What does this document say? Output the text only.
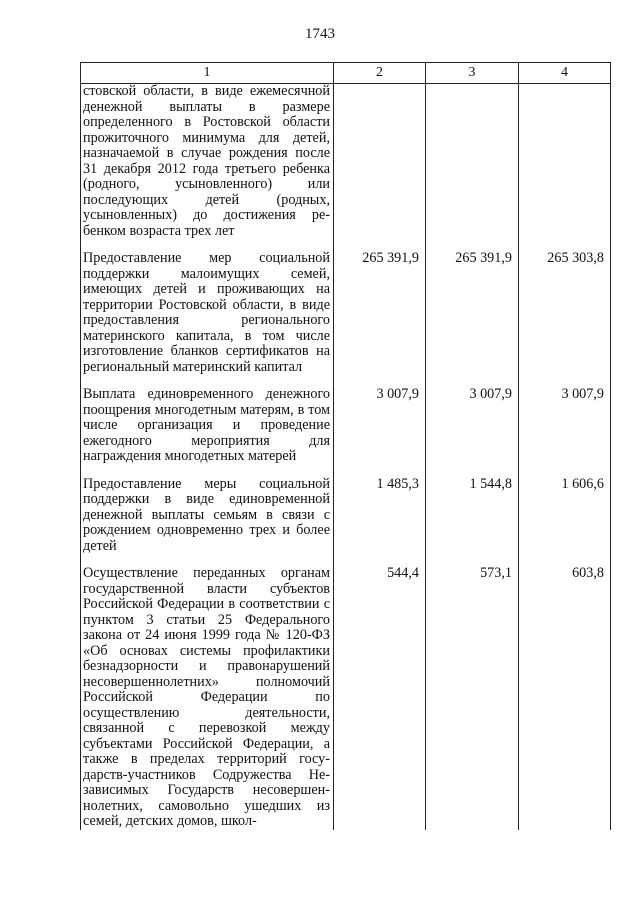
1743
1	2	3	4
стовской области, в виде ежемесячной денежной выплаты в размере определенного в Ростовской области прожиточного минимума для детей, назначаемой в случае рождения после 31 декабря 2012 года третьего ребенка (родного, усыновленного) или последующих детей (родных, усыновленных) до достижения ребенком возраста трех лет			
Предоставление мер социальной поддержки малоимущих семей, имеющих детей и проживающих на территории Ростовской области, в виде предоставления регионального материнского капитала, в том числе изготовление бланков сертификатов на региональный материнский капитал	265 391,9	265 391,9	265 303,8
Выплата единовременного денежного поощрения многодетным матерям, в том числе организация и проведение ежегодного мероприятия для награждения многодетных матерей	3 007,9	3 007,9	3 007,9
Предоставление меры социальной поддержки в виде единовременной денежной выплаты семьям в связи с рождением одновременно трех и более детей	1 485,3	1 544,8	1 606,6
Осуществление переданных органам государственной власти субъектов Российской Федерации в соответствии с пунктом 3 статьи 25 Федерального закона от 24 июня 1999 года № 120-ФЗ «Об основах системы профилактики безнадзорности и правонарушений несовершеннолетних» полномочий Российской Федерации по осуществлению деятельности, связанной с перевозкой между субъектами Российской Федерации, а также в пределах территорий государств-участников Содружества Независимых Государств несовершеннолетних, самовольно ушедших из семей, детских домов, школ-	544,4	573,1	603,8
